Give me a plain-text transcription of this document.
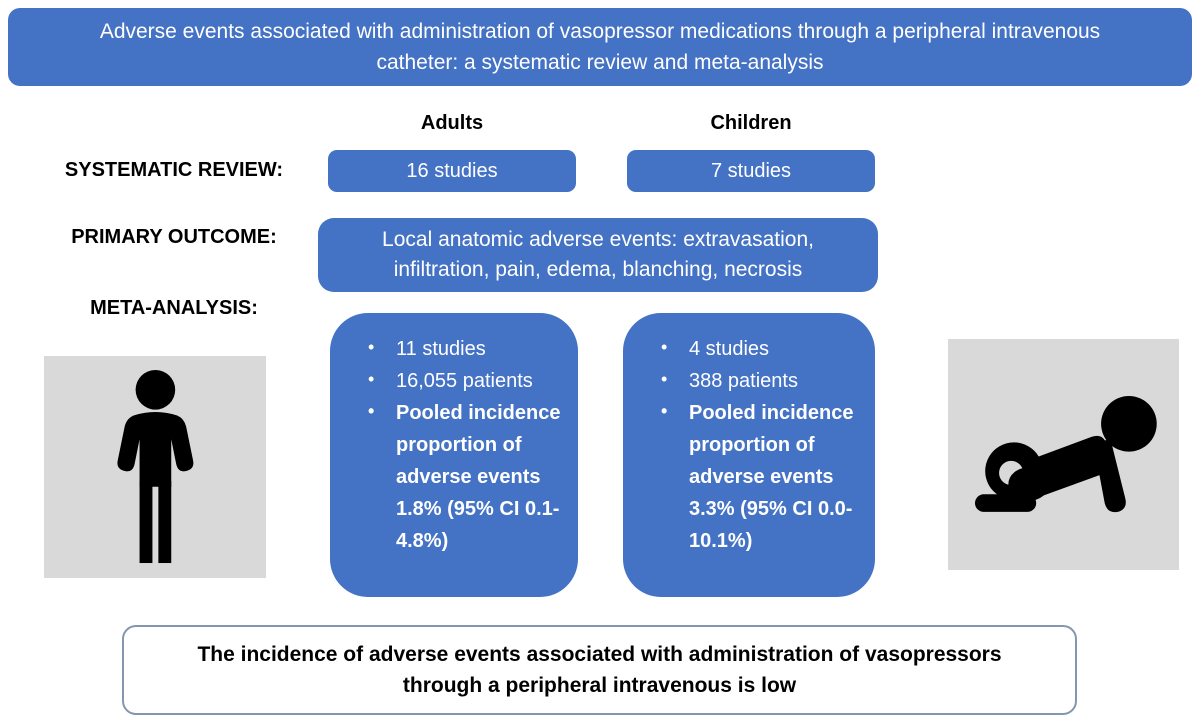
Adverse events associated with administration of vasopressor medications through a peripheral intravenous catheter: a systematic review and meta-analysis
Adults	Children
SYSTEMATIC REVIEW:	16 studies	7 studies
PRIMARY OUTCOME:	Local anatomic adverse events: extravasation, infiltration, pain, edema, blanching, necrosis
META-ANALYSIS:
• 11 studies
• 16,055 patients
• Pooled incidence proportion of adverse events 1.8% (95% CI 0.1-4.8%)
• 4 studies
• 388 patients
• Pooled incidence proportion of adverse events 3.3% (95% CI 0.0-10.1%)
The incidence of adverse events associated with administration of vasopressors through a peripheral intravenous is low
